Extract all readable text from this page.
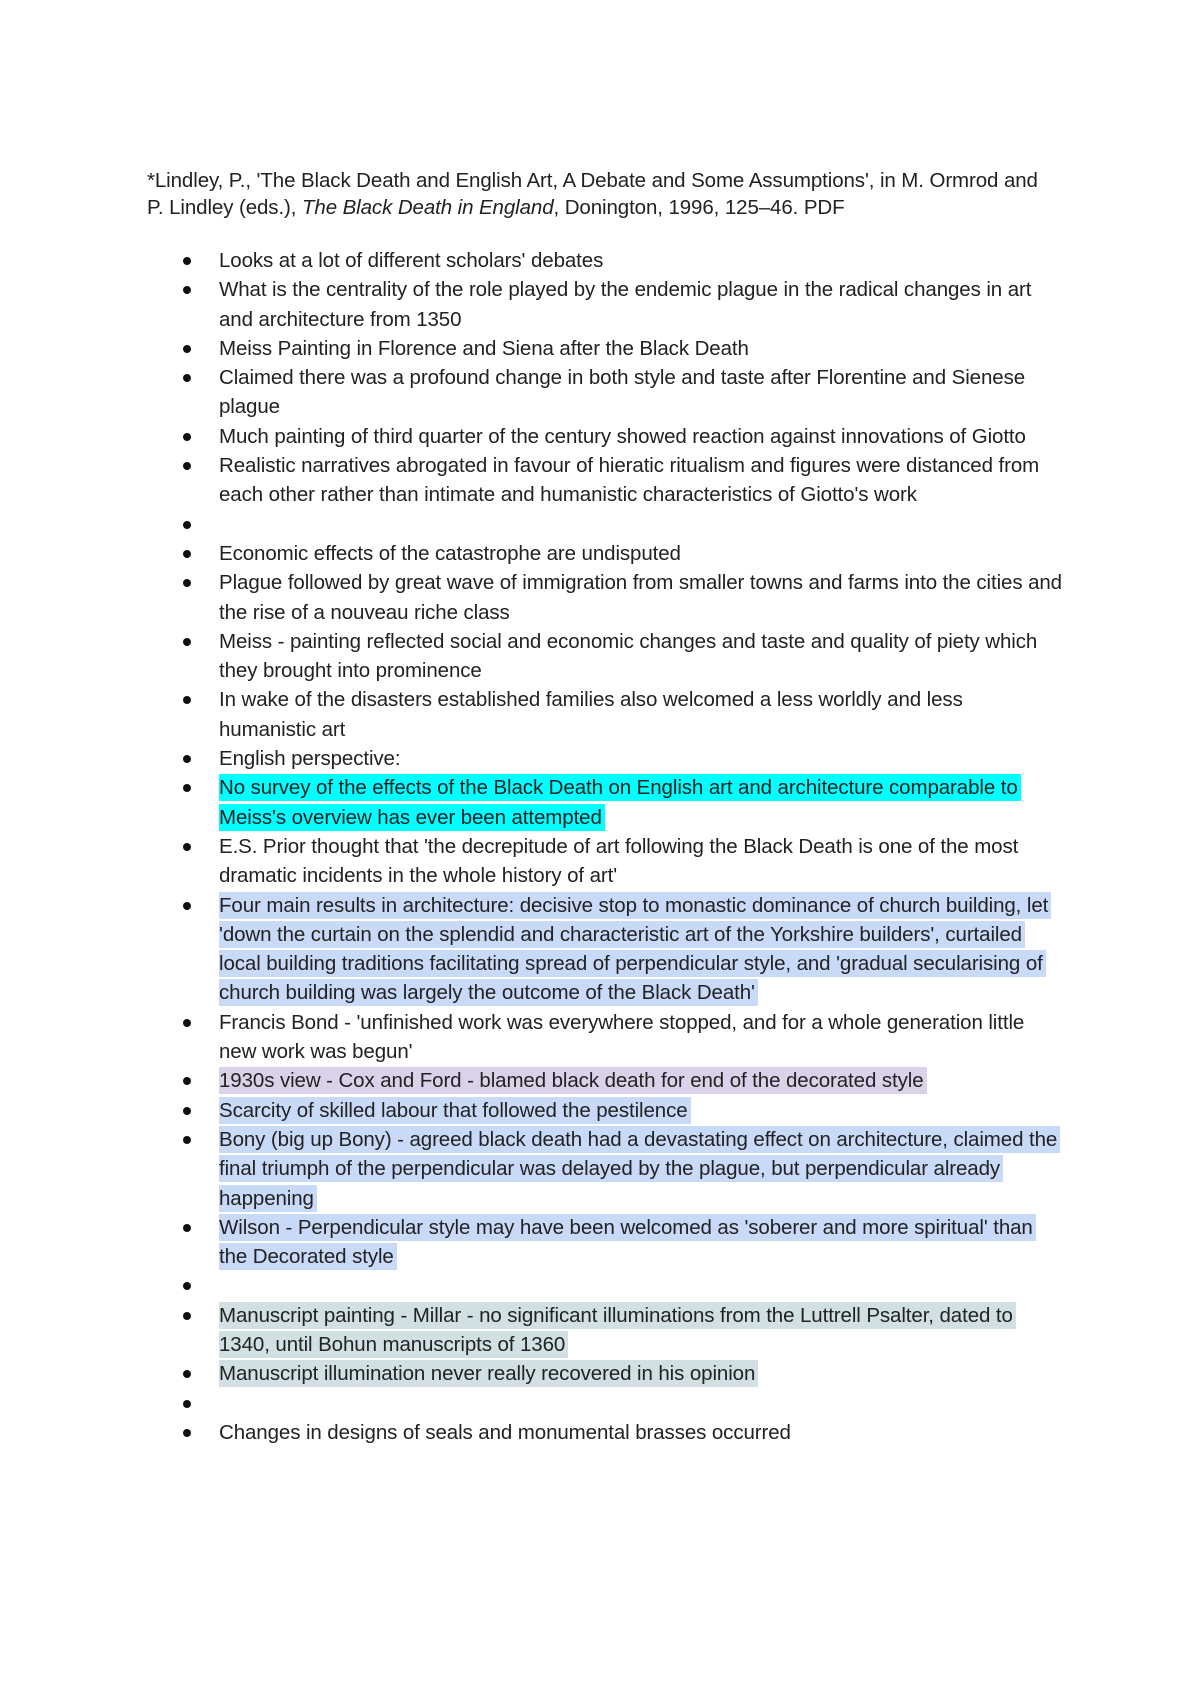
*Lindley, P., 'The Black Death and English Art, A Debate and Some Assumptions', in M. Ormrod and P. Lindley (eds.), The Black Death in England, Donington, 1996, 125–46. PDF

Looks at a lot of different scholars' debates
What is the centrality of the role played by the endemic plague in the radical changes in art and architecture from 1350
Meiss Painting in Florence and Siena after the Black Death
Claimed there was a profound change in both style and taste after Florentine and Sienese plague
Much painting of third quarter of the century showed reaction against innovations of Giotto
Realistic narratives abrogated in favour of hieratic ritualism and figures were distanced from each other rather than intimate and humanistic characteristics of Giotto's work
Economic effects of the catastrophe are undisputed
Plague followed by great wave of immigration from smaller towns and farms into the cities and the rise of a nouveau riche class
Meiss - painting reflected social and economic changes and taste and quality of piety which they brought into prominence
In wake of the disasters established families also welcomed a less worldly and less humanistic art
English perspective:
No survey of the effects of the Black Death on English art and architecture comparable to Meiss's overview has ever been attempted
E.S. Prior thought that 'the decrepitude of art following the Black Death is one of the most dramatic incidents in the whole history of art'
Four main results in architecture: decisive stop to monastic dominance of church building, let 'down the curtain on the splendid and characteristic art of the Yorkshire builders', curtailed local building traditions facilitating spread of perpendicular style, and 'gradual secularising of church building was largely the outcome of the Black Death'
Francis Bond - 'unfinished work was everywhere stopped, and for a whole generation little new work was begun'
1930s view - Cox and Ford - blamed black death for end of the decorated style
Scarcity of skilled labour that followed the pestilence
Bony (big up Bony) - agreed black death had a devastating effect on architecture, claimed the final triumph of the perpendicular was delayed by the plague, but perpendicular already happening
Wilson - Perpendicular style may have been welcomed as 'soberer and more spiritual' than the Decorated style
Manuscript painting - Millar - no significant illuminations from the Luttrell Psalter, dated to 1340, until Bohun manuscripts of 1360
Manuscript illumination never really recovered in his opinion
Changes in designs of seals and monumental brasses occurred
